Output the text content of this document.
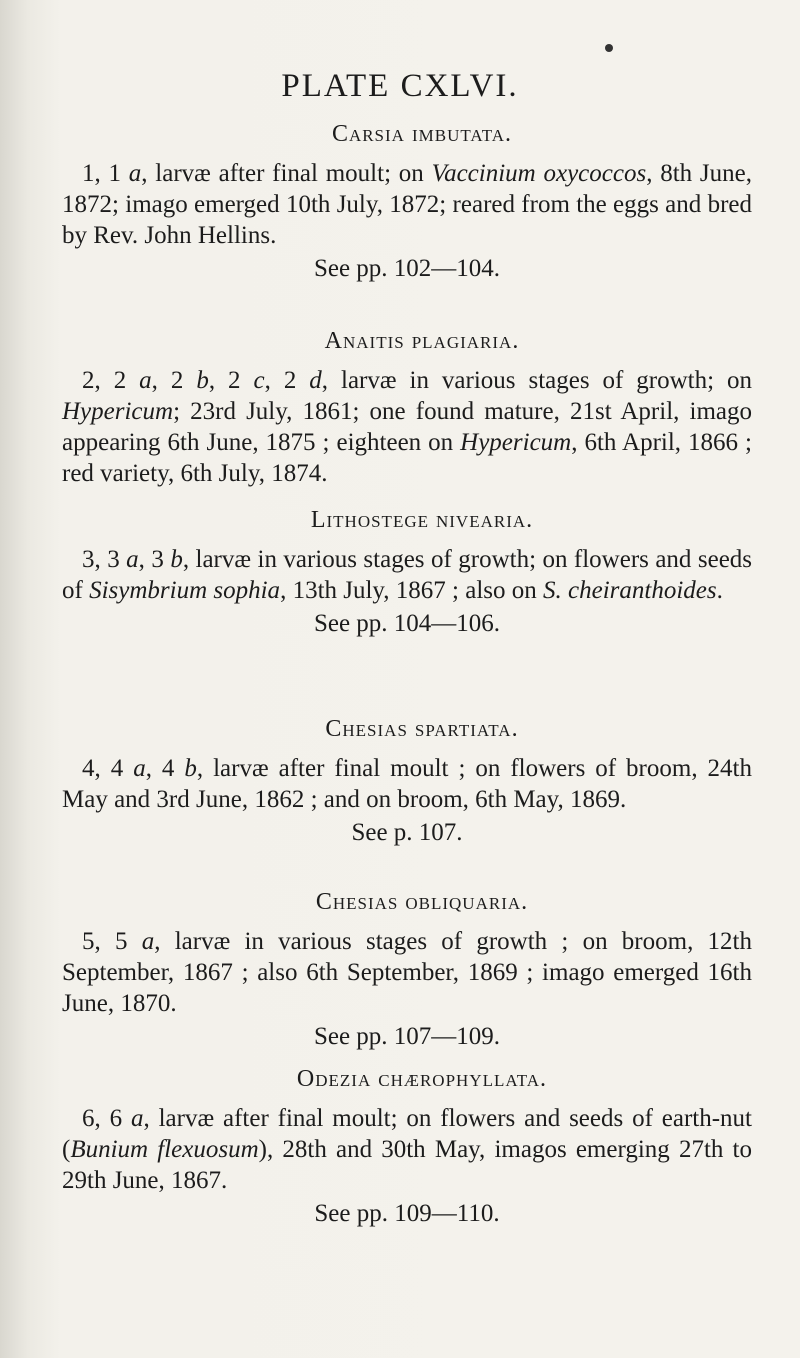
PLATE CXLVI.
Carsia imbutata.
1, 1 a, larvæ after final moult; on Vaccinium oxycoccos, 8th June, 1872; imago emerged 10th July, 1872; reared from the eggs and bred by Rev. John Hellins.
See pp. 102—104.
Anaitis plagiaria.
2, 2 a, 2 b, 2 c, 2 d, larvæ in various stages of growth; on Hypericum; 23rd July, 1861; one found mature, 21st April, imago appearing 6th June, 1875 ; eighteen on Hypericum, 6th April, 1866 ; red variety, 6th July, 1874.
Lithostege nivearia.
3, 3 a, 3 b, larvæ in various stages of growth; on flowers and seeds of Sisymbrium sophia, 13th July, 1867 ; also on S. cheiranthoides.
See pp. 104—106.
Chesias spartiata.
4, 4 a, 4 b, larvæ after final moult ; on flowers of broom, 24th May and 3rd June, 1862 ; and on broom, 6th May, 1869.
See p. 107.
Chesias obliquaria.
5, 5 a, larvæ in various stages of growth ; on broom, 12th September, 1867 ; also 6th September, 1869 ; imago emerged 16th June, 1870.
See pp. 107—109.
Odezia chærophyllata.
6, 6 a, larvæ after final moult; on flowers and seeds of earth-nut (Bunium flexuosum), 28th and 30th May, imagos emerging 27th to 29th June, 1867.
See pp. 109—110.
